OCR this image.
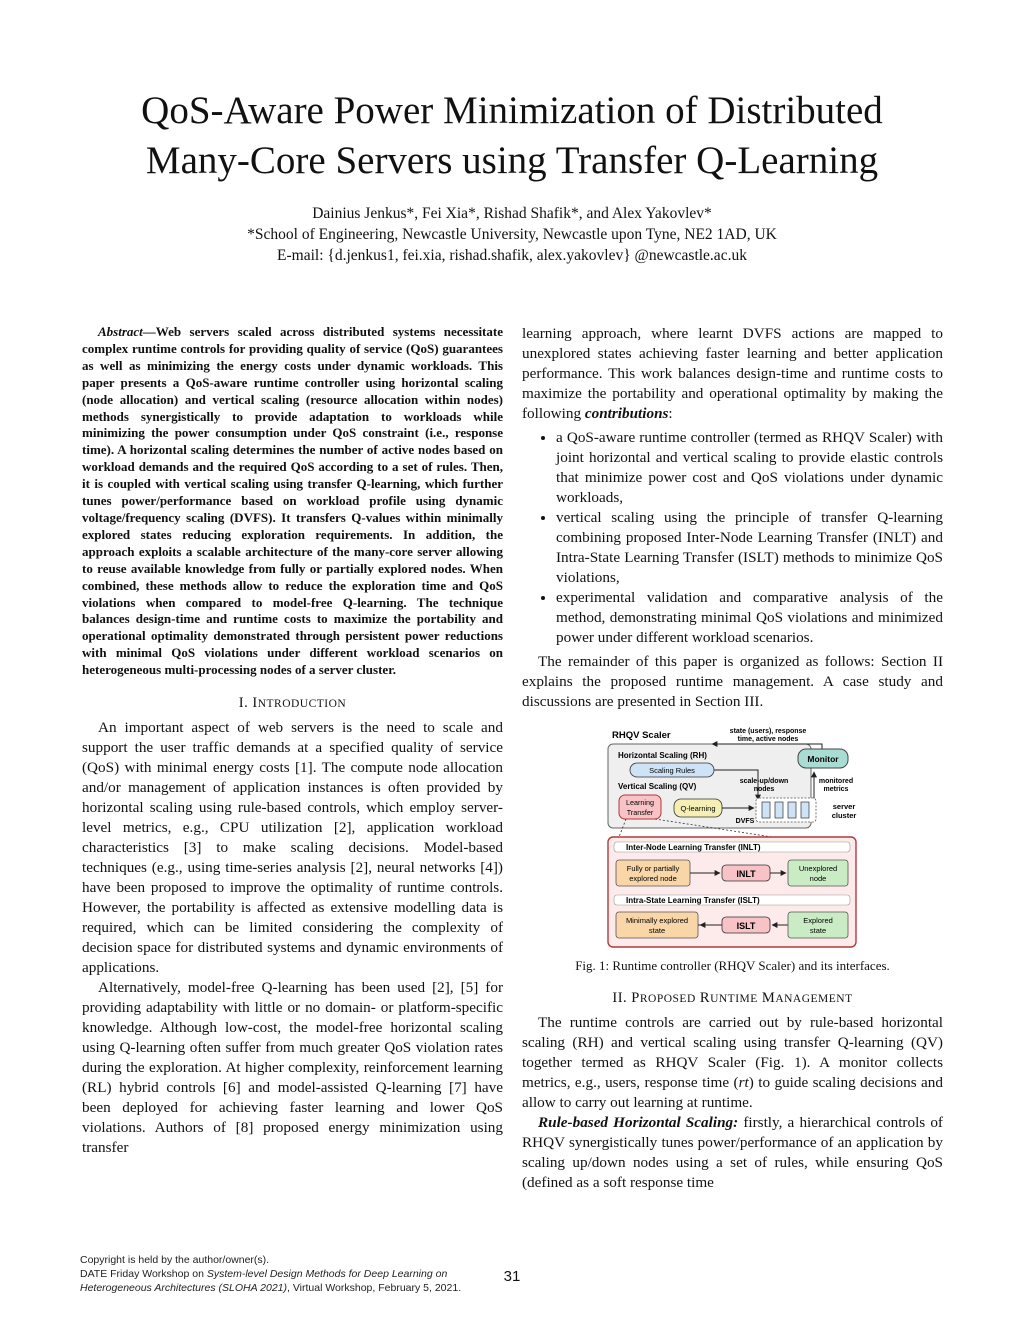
QoS-Aware Power Minimization of Distributed
Many-Core Servers using Transfer Q-Learning
Dainius Jenkus*, Fei Xia*, Rishad Shafik*, and Alex Yakovlev*
*School of Engineering, Newcastle University, Newcastle upon Tyne, NE2 1AD, UK
E-mail: {d.jenkus1, fei.xia, rishad.shafik, alex.yakovlev} @newcastle.ac.uk

Abstract—Web servers scaled across distributed systems necessitate complex runtime controls for providing quality of service (QoS) guarantees as well as minimizing the energy costs under dynamic workloads. This paper presents a QoS-aware runtime controller using horizontal scaling (node allocation) and vertical scaling (resource allocation within nodes) methods synergistically to provide adaptation to workloads while minimizing the power consumption under QoS constraint (i.e., response time). A horizontal scaling determines the number of active nodes based on workload demands and the required QoS according to a set of rules. Then, it is coupled with vertical scaling using transfer Q-learning, which further tunes power/performance based on workload profile using dynamic voltage/frequency scaling (DVFS). It transfers Q-values within minimally explored states reducing exploration requirements. In addition, the approach exploits a scalable architecture of the many-core server allowing to reuse available knowledge from fully or partially explored nodes. When combined, these methods allow to reduce the exploration time and QoS violations when compared to model-free Q-learning. The technique balances design-time and runtime costs to maximize the portability and operational optimality demonstrated through persistent power reductions with minimal QoS violations under different workload scenarios on heterogeneous multi-processing nodes of a server cluster.

I. INTRODUCTION

An important aspect of web servers is the need to scale and support the user traffic demands at a specified quality of service (QoS) with minimal energy costs [1]. The compute node allocation and/or management of application instances is often provided by horizontal scaling using rule-based controls, which employ server-level metrics, e.g., CPU utilization [2], application workload characteristics [3] to make scaling decisions. Model-based techniques (e.g., using time-series analysis [2], neural networks [4]) have been proposed to improve the optimality of runtime controls. However, the portability is affected as extensive modelling data is required, which can be limited considering the complexity of decision space for distributed systems and dynamic environments of applications.

Alternatively, model-free Q-learning has been used [2], [5] for providing adaptability with little or no domain- or platform-specific knowledge. Although low-cost, the model-free horizontal scaling using Q-learning often suffer from much greater QoS violation rates during the exploration. At higher complexity, reinforcement learning (RL) hybrid controls [6] and model-assisted Q-learning [7] have been deployed for achieving faster learning and lower QoS violations. Authors of [8] proposed energy minimization using transfer

learning approach, where learnt DVFS actions are mapped to unexplored states achieving faster learning and better application performance. This work balances design-time and runtime costs to maximize the portability and operational optimality by making the following contributions:

• a QoS-aware runtime controller (termed as RHQV Scaler) with joint horizontal and vertical scaling to provide elastic controls that minimize power cost and QoS violations under dynamic workloads,
• vertical scaling using the principle of transfer Q-learning combining proposed Inter-Node Learning Transfer (INLT) and Intra-State Learning Transfer (ISLT) methods to minimize QoS violations,
• experimental validation and comparative analysis of the method, demonstrating minimal QoS violations and minimized power under different workload scenarios.

The remainder of this paper is organized as follows: Section II explains the proposed runtime management. A case study and discussions are presented in Section III.

RHQV Scaler	state (users), response
time, active nodes
Monitor
Horizontal Scaling (RH)
Scaling Rules
Vertical Scaling (QV)
Learning
Transfer	Q-learning
scale-up/down
nodes
DVFS
monitored
metrics
server
cluster
Inter-Node Learning Transfer (INLT)
Fully or partially
explored node	INLT
Unexplored
node
Intra-State Learning Transfer (ISLT)
Minimally explored
state	ISLT
Explored
state
Fig. 1: Runtime controller (RHQV Scaler) and its interfaces.
II. PROPOSED RUNTIME MANAGEMENT

The runtime controls are carried out by rule-based horizontal scaling (RH) and vertical scaling using transfer Q-learning (QV) together termed as RHQV Scaler (Fig. 1). A monitor collects metrics, e.g., users, response time (rt) to guide scaling decisions and allow to carry out learning at runtime.

Rule-based Horizontal Scaling: firstly, a hierarchical controls of RHQV synergistically tunes power/performance of an application by scaling up/down nodes using a set of rules, while ensuring QoS (defined as a soft response time

Copyright is held by the author/owner(s).
DATE Friday Workshop on System-level Design Methods for Deep Learning on
Heterogeneous Architectures (SLOHA 2021), Virtual Workshop, February 5, 2021.
31
